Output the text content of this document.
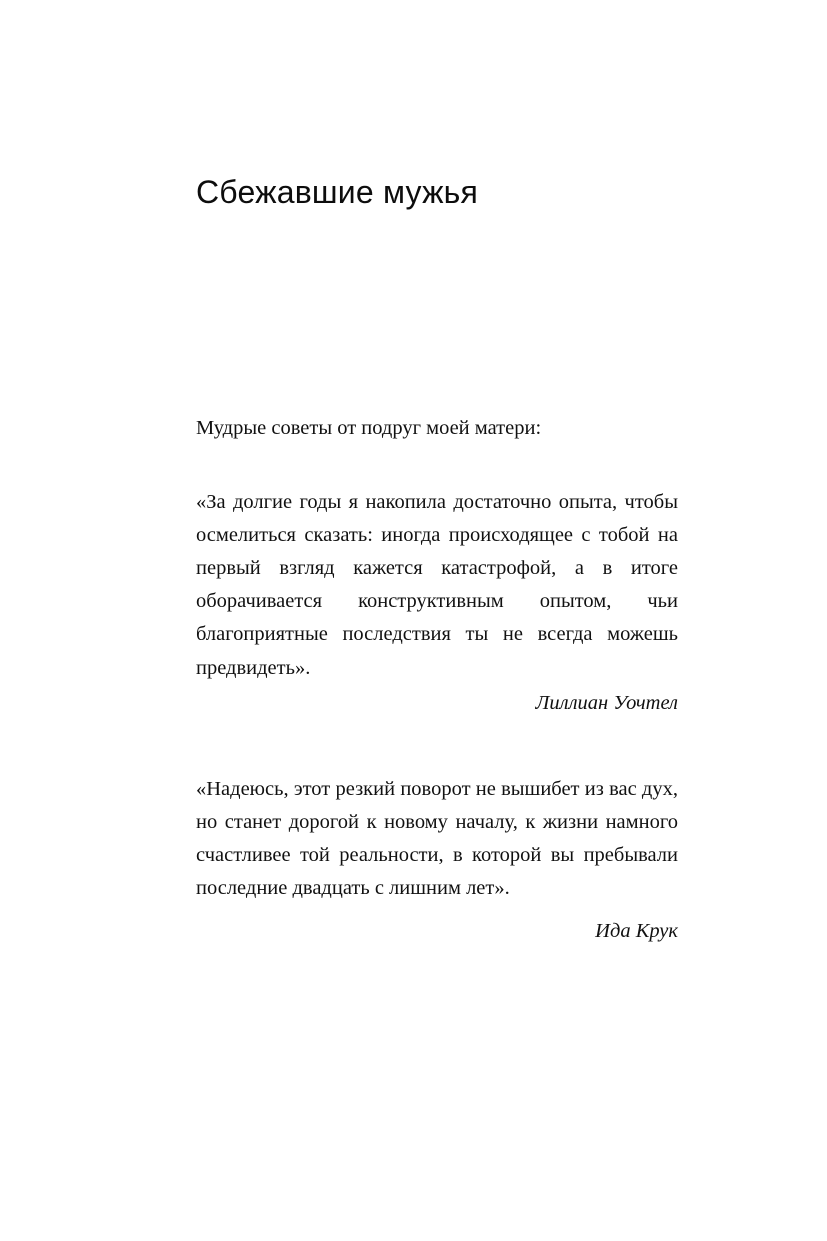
Сбежавшие мужья

Мудрые советы от подруг моей матери:

«За долгие годы я накопила достаточно опыта, чтобы осмелиться сказать: иногда происходящее с тобой на первый взгляд кажется катастрофой, а в итоге оборачивается конструктивным опытом, чьи благоприятные последствия ты не всегда можешь предвидеть».

Лиллиан Уочтел

«Надеюсь, этот резкий поворот не вышибет из вас дух, но станет дорогой к новому началу, к жизни намного счастливее той реальности, в которой вы пребывали последние двадцать с лишним лет».

Ида Крук
